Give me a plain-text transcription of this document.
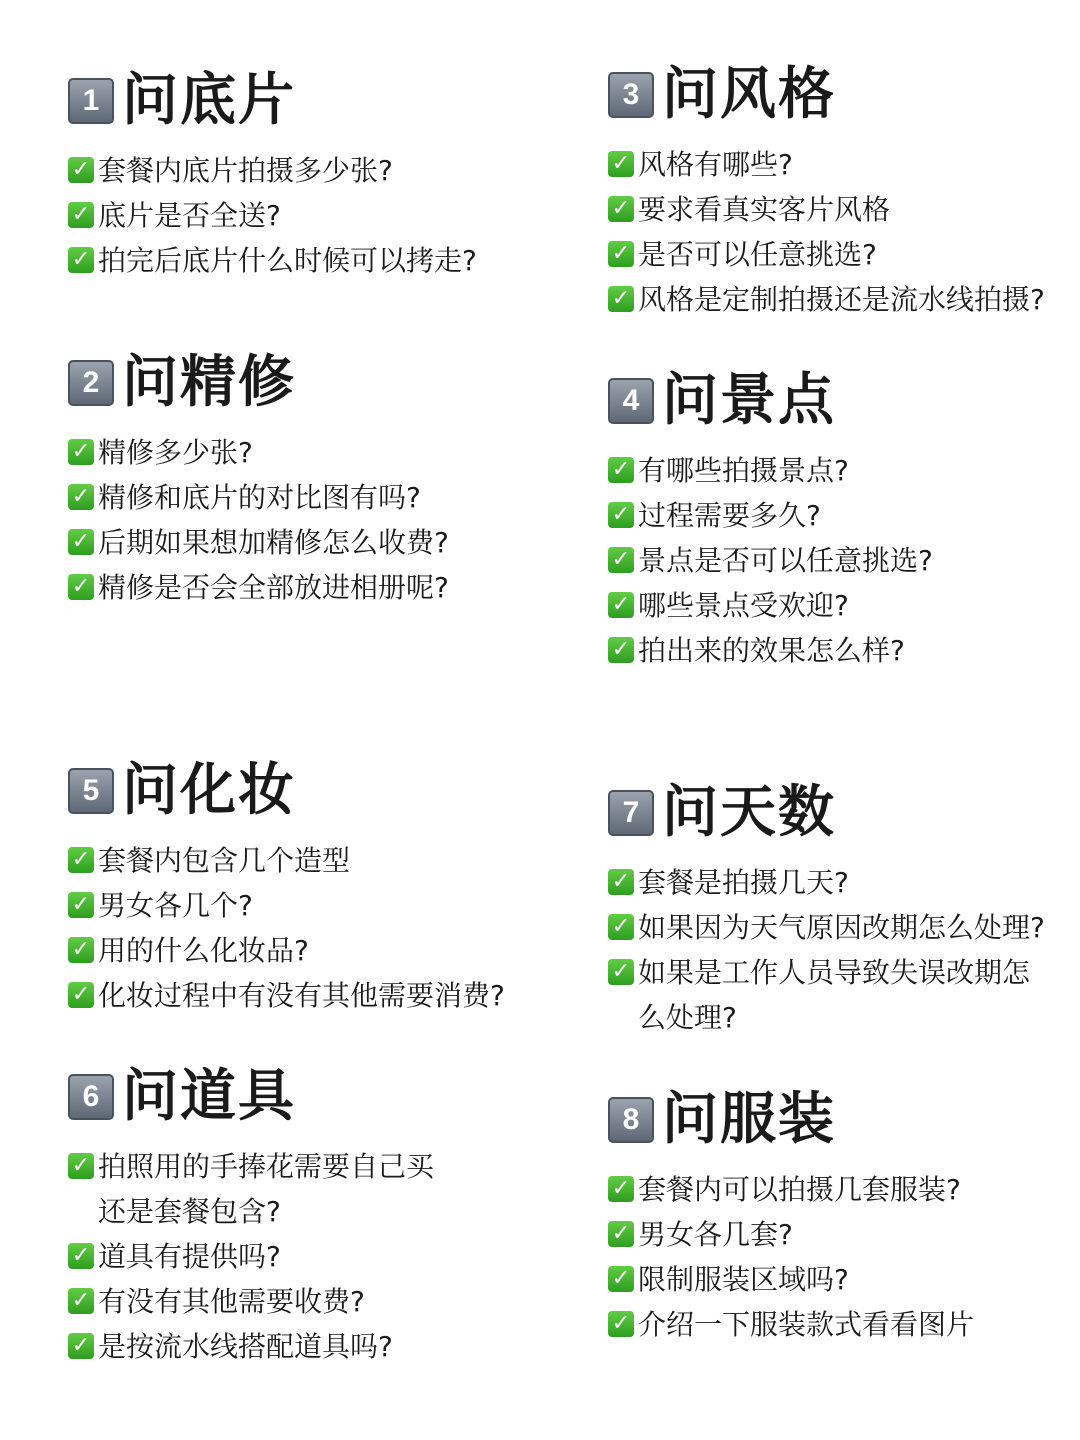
1 问底片
✓ 套餐内底片拍摄多少张?
✓ 底片是否全送?
✓ 拍完后底片什么时候可以拷走?
2 问精修
✓ 精修多少张?
✓ 精修和底片的对比图有吗?
✓ 后期如果想加精修怎么收费?
✓ 精修是否会全部放进相册呢?
3 问风格
✓ 风格有哪些?
✓ 要求看真实客片风格
✓ 是否可以任意挑选?
✓ 风格是定制拍摄还是流水线拍摄?
4 问景点
✓ 有哪些拍摄景点?
✓ 过程需要多久?
✓ 景点是否可以任意挑选?
✓ 哪些景点受欢迎?
✓ 拍出来的效果怎么样?
5 问化妆
✓ 套餐内包含几个造型
✓ 男女各几个?
✓ 用的什么化妆品?
✓ 化妆过程中有没有其他需要消费?
6 问道具
✓ 拍照用的手捧花需要自己买
还是套餐包含?
✓ 道具有提供吗?
✓ 有没有其他需要收费?
✓ 是按流水线搭配道具吗?
7 问天数
✓ 套餐是拍摄几天?
✓ 如果因为天气原因改期怎么处理?
✓ 如果是工作人员导致失误改期怎
么处理?
8 问服装
✓ 套餐内可以拍摄几套服装?
✓ 男女各几套?
✓ 限制服装区域吗?
✓ 介绍一下服装款式看看图片
